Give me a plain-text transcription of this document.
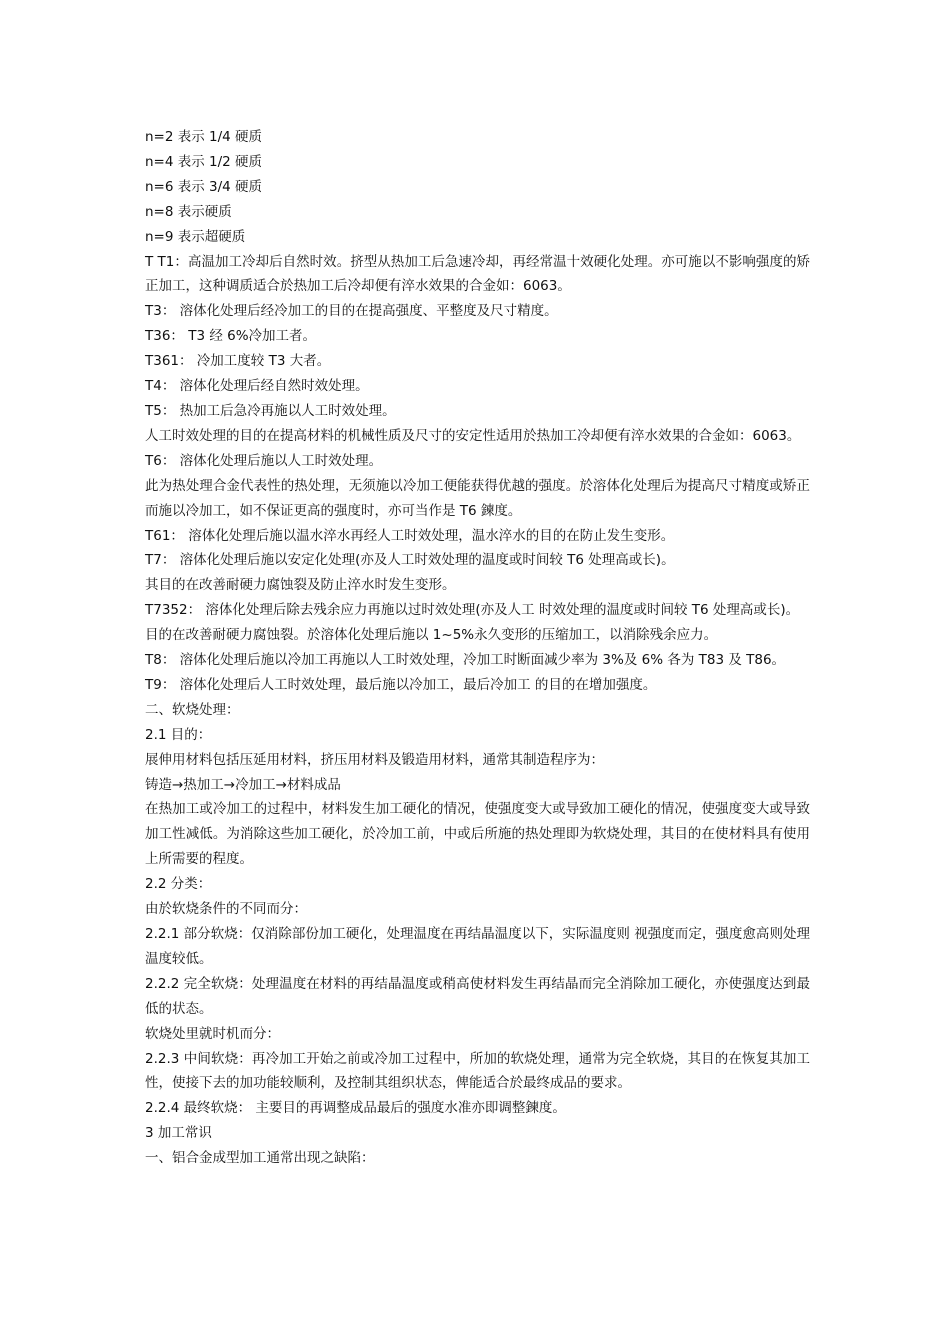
n=2 表示 1/4 硬质

n=4 表示 1/2 硬质

n=6 表示 3/4 硬质

n=8 表示硬质

n=9 表示超硬质

T T1：高温加工冷却后自然时效。挤型从热加工后急速冷却，再经常温十效硬化处理。亦可施以不影响强度的矫正加工，这种调质适合於热加工后冷却便有淬水效果的合金如：6063。

T3： 溶体化处理后经冷加工的目的在提高强度、平整度及尺寸精度。

T36： T3 经 6%冷加工者。

T361： 冷加工度较 T3 大者。

T4： 溶体化处理后经自然时效处理。

T5： 热加工后急冷再施以人工时效处理。

人工时效处理的目的在提高材料的机械性质及尺寸的安定性适用於热加工冷却便有淬水效果的合金如：6063。

T6： 溶体化处理后施以人工时效处理。

此为热处理合金代表性的热处理，无须施以冷加工便能获得优越的强度。於溶体化处理后为提高尺寸精度或矫正而施以冷加工，如不保证更高的强度时，亦可当作是 T6 鍊度。

T61： 溶体化处理后施以温水淬水再经人工时效处理，温水淬水的目的在防止发生变形。

T7： 溶体化处理后施以安定化处理(亦及人工时效处理的温度或时间较 T6 处理高或长)。

其目的在改善耐硬力腐蚀裂及防止淬水时发生变形。

T7352： 溶体化处理后除去残余应力再施以过时效处理(亦及人工 时效处理的温度或时间较 T6 处理高或长)。

目的在改善耐硬力腐蚀裂。於溶体化处理后施以 1~5%永久变形的压缩加工，以消除残余应力。

T8： 溶体化处理后施以冷加工再施以人工时效处理，冷加工时断面减少率为 3%及 6% 各为 T83 及 T86。

T9： 溶体化处理后人工时效处理，最后施以冷加工，最后冷加工 的目的在增加强度。

二、软烧处理：

2.1 目的：

展伸用材料包括压延用材料，挤压用材料及锻造用材料，通常其制造程序为：

铸造→热加工→冷加工→材料成品

在热加工或冷加工的过程中，材料发生加工硬化的情况，使强度变大或导致加工硬化的情况，使强度变大或导致加工性减低。为消除这些加工硬化，於冷加工前，中或后所施的热处理即为软烧处理，其目的在使材料具有使用上所需要的程度。

2.2 分类：

由於软烧条件的不同而分：

2.2.1 部分软烧：仅消除部份加工硬化，处理温度在再结晶温度以下，实际温度则 视强度而定，强度愈高则处理温度较低。

2.2.2 完全软烧：处理温度在材料的再结晶温度或稍高使材料发生再结晶而完全消除加工硬化，亦使强度达到最低的状态。

软烧处里就时机而分：

2.2.3 中间软烧：再冷加工开始之前或冷加工过程中，所加的软烧处理，通常为完全软烧，其目的在恢复其加工性，使接下去的加功能较顺利，及控制其组织状态，俾能适合於最终成品的要求。

2.2.4 最终软烧： 主要目的再调整成品最后的强度水准亦即调整鍊度。

3 加工常识

一、铝合金成型加工通常出现之缺陷：
